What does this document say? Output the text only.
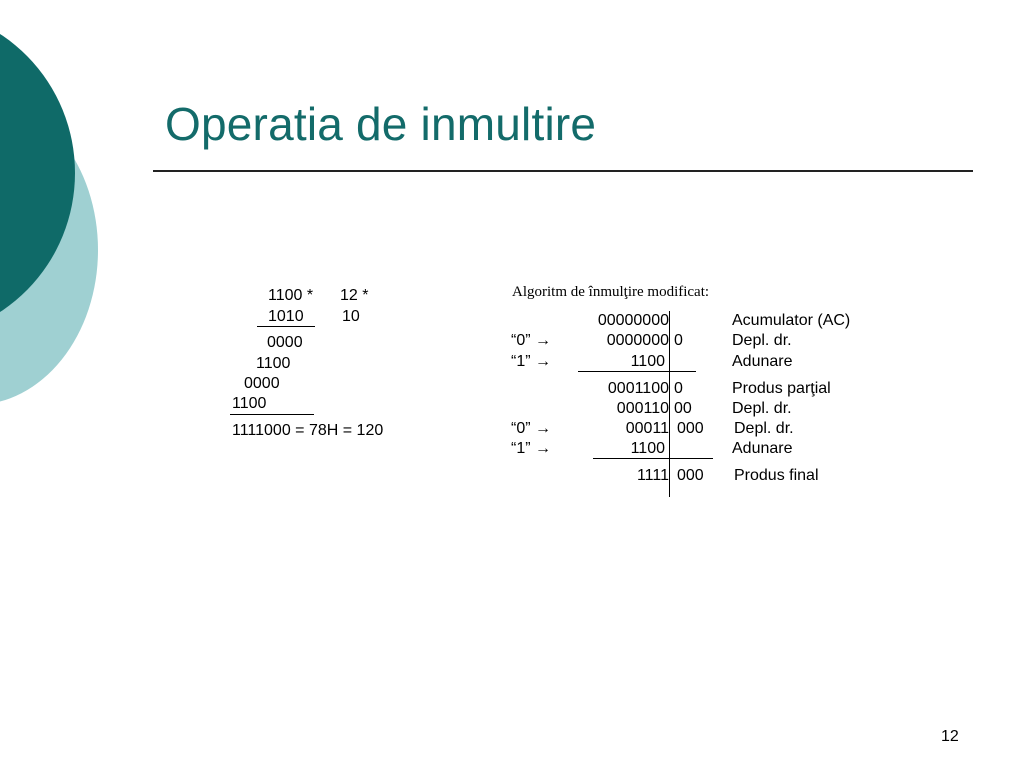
Operatia de inmultire
1100 * 12 *
1010 10
0000
1100
0000
1100
1111000 = 78H = 120
Algoritm de înmulţire modificat:
00000000	Acumulator (AC)
“0” →	0000000 0	Depl. dr.
“1” →	1100	Adunare
0001100 0	Produs parţial
000110 00	Depl. dr.
“0” →	00011 000 Depl. dr.
“1” →	1100	Adunare
1111 000 Produs final
12
